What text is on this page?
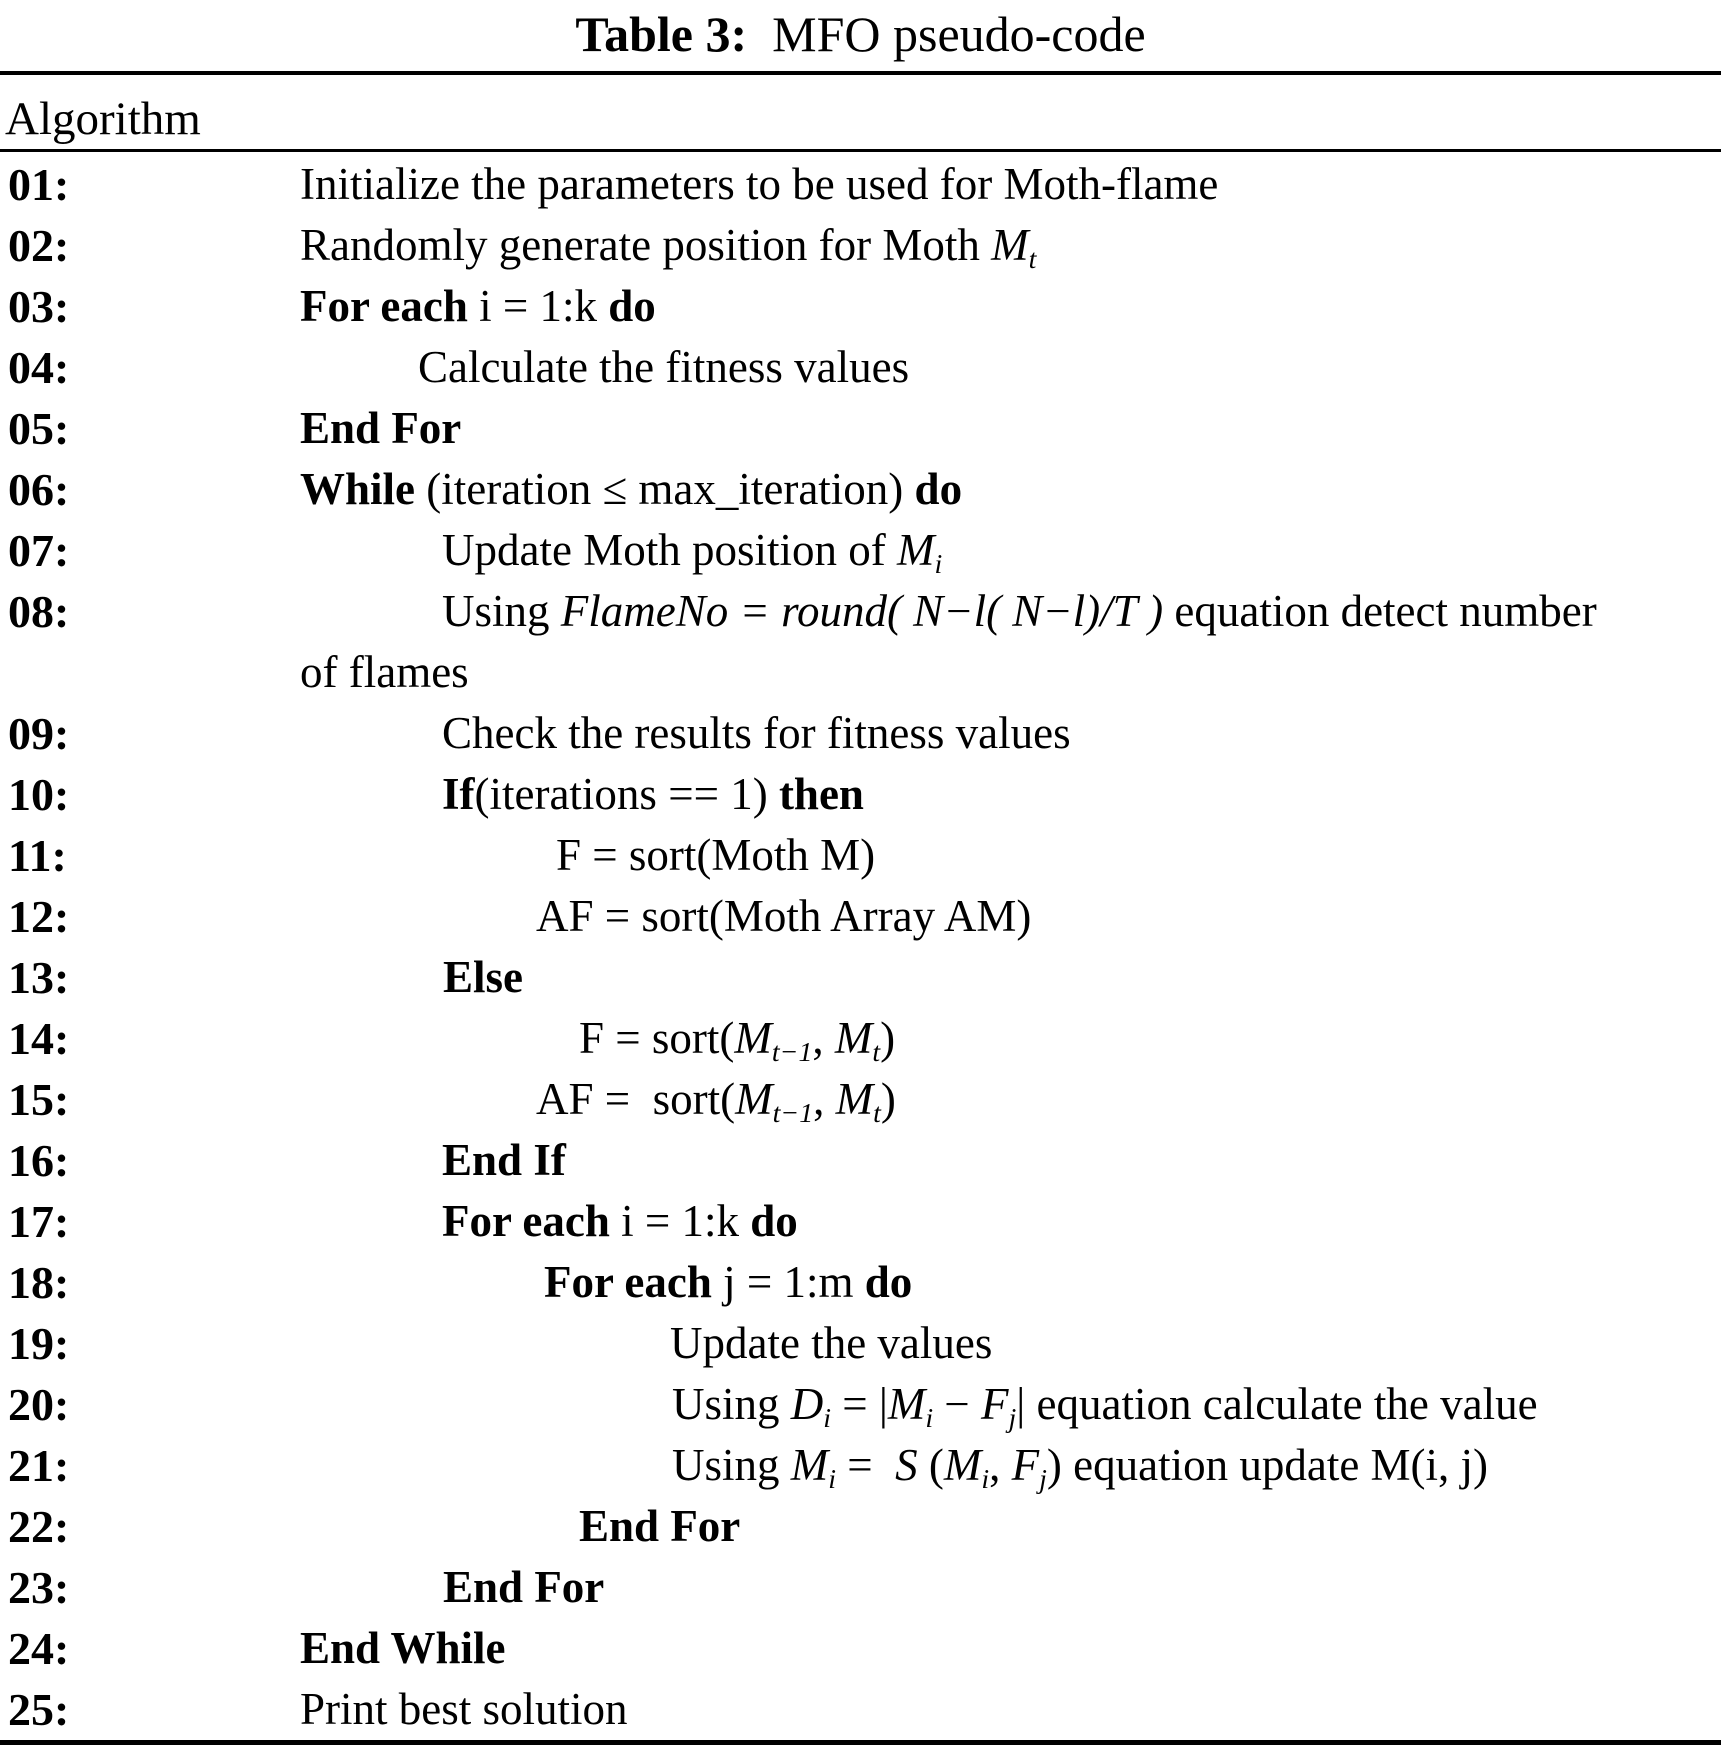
Table 3:  MFO pseudo-code
Algorithm
01:	Initialize the parameters to be used for Moth-flame
02:	Randomly generate position for Moth $M_t$
03:	For each i = 1:k do
04:	Calculate the fitness values
05:	End For
06:	While (iteration ≤ max_iteration) do
07:	Update Moth position of $M_i$
08:	Using FlameNo = round( N−l( N−l)/T ) equation detect number
of flames
09:	Check the results for fitness values
10:	If(iterations == 1) then
11:	F = sort(Moth M)
12:	AF = sort(Moth Array AM)
13:	Else
14:	$F = sort(M_{t-1}$, $M_t$)
15:	AF =  $sort(M_{t-1}$, $M_t$)
16:	End If
17:	For each i = 1:k do
18:	For each j = 1:m do
19:	Update the values
20:	Using $D_i = |M_i - F_j|$ equation calculate the value
21:	Using $M_i = S$ ($M_i$, $F_j$) equation update M(i, j)
22:	End For
23:	End For
24:	End While
25:	Print best solution
